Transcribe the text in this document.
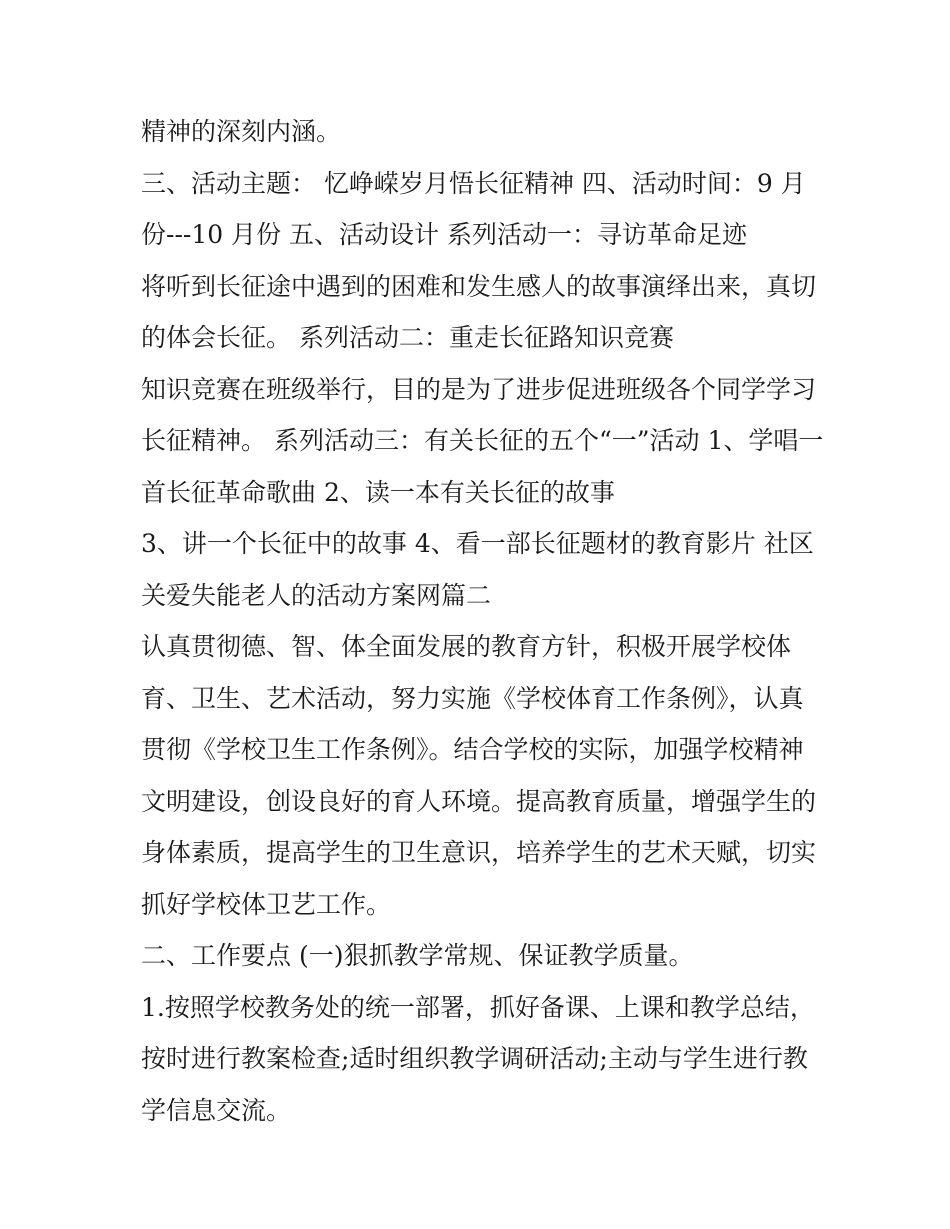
精神的深刻内涵。
三、活动主题： 忆峥嵘岁月悟长征精神 四、活动时间：9 月
份---10 月份 五、活动设计 系列活动一：寻访革命足迹
将听到长征途中遇到的困难和发生感人的故事演绎出来，真切
的体会长征。 系列活动二：重走长征路知识竞赛
知识竞赛在班级举行，目的是为了进步促进班级各个同学学习
长征精神。 系列活动三：有关长征的五个“一”活动 1、学唱一
首长征革命歌曲 2、读一本有关长征的故事
3、讲一个长征中的故事 4、看一部长征题材的教育影片 社区
关爱失能老人的活动方案网篇二
认真贯彻德、智、体全面发展的教育方针，积极开展学校体
育、卫生、艺术活动，努力实施《学校体育工作条例》，认真
贯彻《学校卫生工作条例》。结合学校的实际，加强学校精神
文明建设，创设良好的育人环境。提高教育质量，增强学生的
身体素质，提高学生的卫生意识，培养学生的艺术天赋，切实
抓好学校体卫艺工作。
二、工作要点 (一)狠抓教学常规、保证教学质量。
1.按照学校教务处的统一部署，抓好备课、上课和教学总结，
按时进行教案检查;适时组织教学调研活动;主动与学生进行教
学信息交流。
